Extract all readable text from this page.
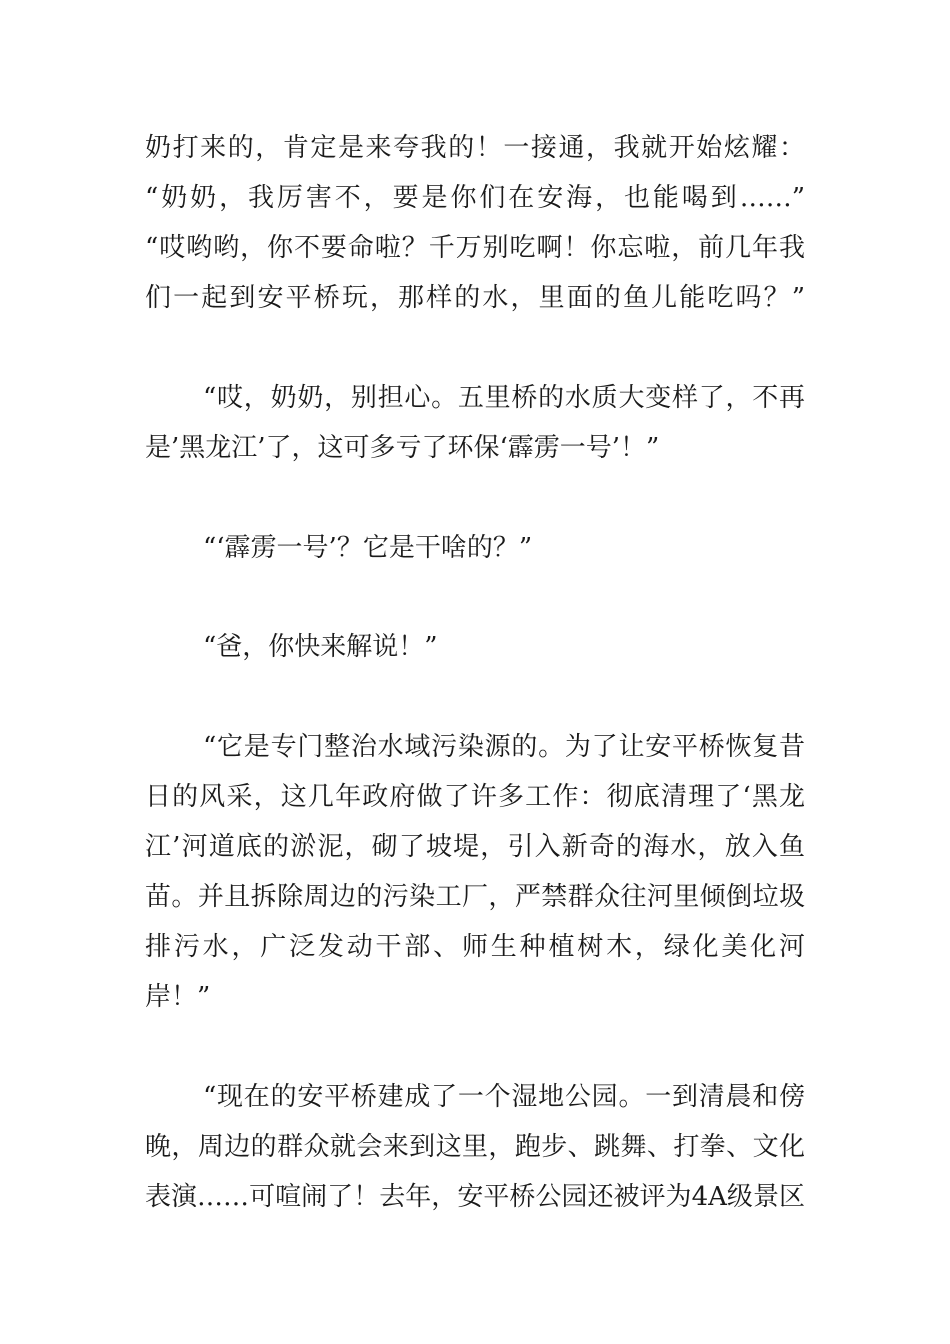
奶打来的，肯定是来夸我的！一接通，我就开始炫耀：
“奶奶，我厉害不，要是你们在安海，也能喝到……”
“哎哟哟，你不要命啦？千万别吃啊！你忘啦，前几年我
们一起到安平桥玩，那样的水，里面的鱼儿能吃吗？”
“哎，奶奶，别担心。五里桥的水质大变样了，不再
是’黑龙江’了，这可多亏了环保‘霹雳一号’！”
“‘霹雳一号’？它是干啥的？”
“爸，你快来解说！”
“它是专门整治水域污染源的。为了让安平桥恢复昔
日的风采，这几年政府做了许多工作：彻底清理了‘黑龙
江’河道底的淤泥，砌了坡堤，引入新奇的海水，放入鱼
苗。并且拆除周边的污染工厂，严禁群众往河里倾倒垃圾
排污水，广泛发动干部、师生种植树木，绿化美化河
岸！”
“现在的安平桥建成了一个湿地公园。一到清晨和傍
晚，周边的群众就会来到这里，跑步、跳舞、打拳、文化
表演……可喧闹了！去年，安平桥公园还被评为4A级景区
